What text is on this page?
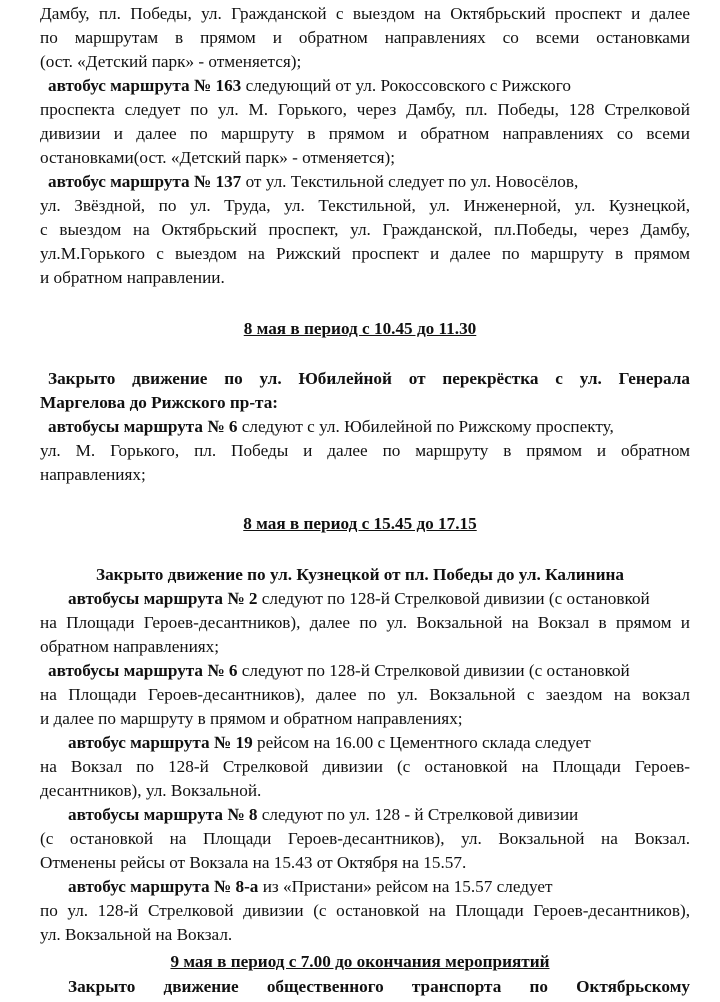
Дамбу, пл. Победы, ул. Гражданской с выездом на Октябрьский проспект и далее
по маршрутам в прямом и обратном направлениях со всеми остановками
(ост. «Детский парк» - отменяется);
автобус маршрута № 163 следующий от ул. Рокоссовского с Рижского
проспекта следует по ул. М. Горького, через Дамбу, пл. Победы, 128 Стрелковой
дивизии и далее по маршруту в прямом и обратном направлениях со всеми
остановками(ост. «Детский парк» - отменяется);
автобус маршрута № 137 от ул. Текстильной следует по ул. Новосёлов,
ул. Звёздной, по ул. Труда, ул. Текстильной, ул. Инженерной, ул. Кузнецкой,
с выездом на Октябрьский проспект, ул. Гражданской, пл.Победы, через Дамбу,
ул.М.Горького с выездом на Рижский проспект и далее по маршруту в прямом
и обратном направлении.
8 мая в период с 10.45 до 11.30
Закрыто движение по ул. Юбилейной от перекрёстка с ул. Генерала
Маргелова до Рижского пр-та:
автобусы маршрута № 6 следуют с ул. Юбилейной по Рижскому проспекту,
ул. М. Горького, пл. Победы и далее по маршруту в прямом и обратном
направлениях;
8 мая в период с 15.45 до 17.15
Закрыто движение по ул. Кузнецкой от пл. Победы до ул. Калинина
автобусы маршрута № 2 следуют по 128-й Стрелковой дивизии (с остановкой
на Площади Героев-десантников), далее по ул. Вокзальной на Вокзал в прямом и
обратном направлениях;
автобусы маршрута № 6 следуют по 128-й Стрелковой дивизии (с остановкой
на Площади Героев-десантников), далее по ул. Вокзальной с заездом на вокзал
и далее по маршруту в прямом и обратном направлениях;
автобус маршрута № 19 рейсом на 16.00 с Цементного склада следует
на Вокзал по 128-й Стрелковой дивизии (с остановкой на Площади Героев-
десантников), ул. Вокзальной.
автобусы маршрута № 8 следуют по ул. 128 - й Стрелковой дивизии
(с остановкой на Площади Героев-десантников), ул. Вокзальной на Вокзал.
Отменены рейсы от Вокзала на 15.43 от Октября на 15.57.
автобус маршрута № 8-а из «Пристани» рейсом на 15.57 следует
по ул. 128-й Стрелковой дивизии (с остановкой на Площади Героев-десантников),
ул. Вокзальной на Вокзал.
9 мая в период с 7.00 до окончания мероприятий
Закрыто движение общественного транспорта по Октябрьскому
